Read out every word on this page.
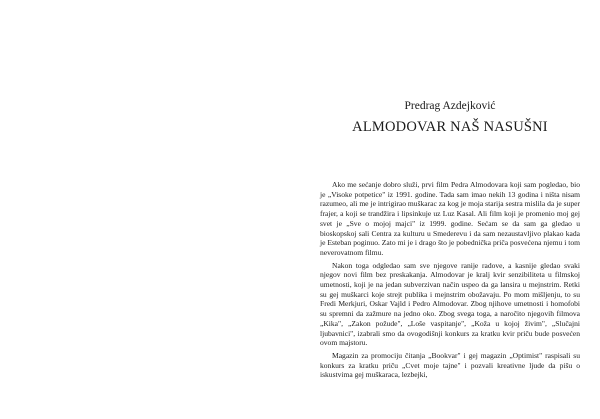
Predrag Azdejković
ALMODOVAR NAŠ NASUŠNI

Ako me sećanje dobro služi, prvi film Pedra Almodovara koji sam pogledao, bio je „Visoke potpetice" iz 1991. godine. Tada sam imao nekih 13 godina i ništa nisam razumeo, ali me je intrigirao muškarac za kog je moja starija sestra mislila da je super frajer, a koji se trandžira i lipsinkuje uz Luz Kasal. Ali film koji je promenio moj gej svet je „Sve o mojoj majci" iz 1999. godine. Sećam se da sam ga gledao u bioskopskoj sali Centra za kulturu u Smederevu i da sam nezaustavljivo plakao kada je Esteban poginuo. Zato mi je i drago što je pobednička priča posvećena njemu i tom neverovatnom filmu.

Nakon toga odgledao sam sve njegove ranije radove, a kasnije gledao svaki njegov novi film bez preskakanja. Almodovar je kralj kvir senzibiliteta u filmskoj umetnosti, koji je na jedan subverzivan način uspeo da ga lansira u mejnstrim. Retki su gej muškarci koje strejt publika i mejnstrim obožavaju. Po mom mišljenju, to su Fredi Merkjuri, Oskar Vajld i Pedro Almodovar. Zbog njihove umetnosti i homofobi su spremni da zažmure na jedno oko. Zbog svega toga, a naročito njegovih filmova „Kika", „Zakon požude", „Loše vaspitanje", „Koža u kojoj živim", „Slučajni ljubavnici", izabrali smo da ovogodišnji konkurs za kratku kvir priču bude posvećen ovom majstoru.

Magazin za promociju čitanja „Bookvar" i gej magazin „Optimist" raspisali su konkurs za kratku priču „Cvet moje tajne" i pozvali kreativne ljude da pišu o iskustvima gej muškaraca, lezbejki,
